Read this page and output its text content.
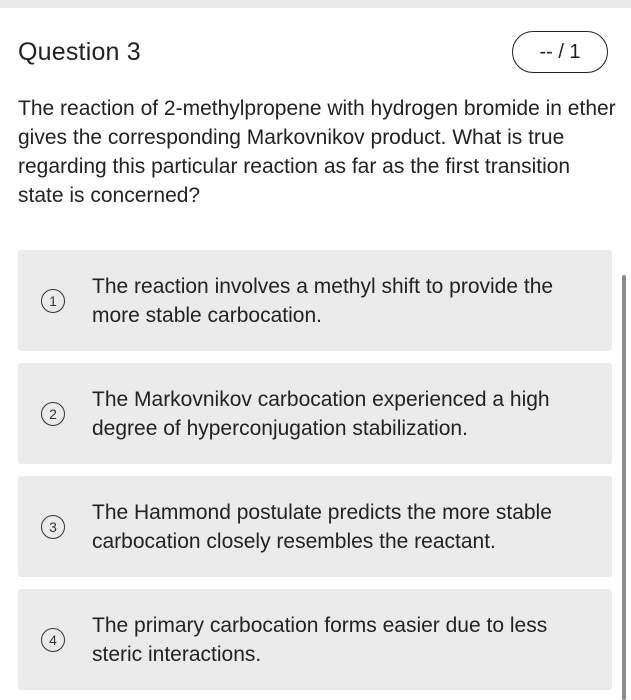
Question 3	-- / 1
The reaction of 2-methylpropene with hydrogen bromide in ether gives the corresponding Markovnikov product. What is true regarding this particular reaction as far as the first transition state is concerned?
1
The reaction involves a methyl shift to provide the more stable carbocation.
2
The Markovnikov carbocation experienced a high degree of hyperconjugation stabilization.
3
The Hammond postulate predicts the more stable carbocation closely resembles the reactant.
4
The primary carbocation forms easier due to less steric interactions.
